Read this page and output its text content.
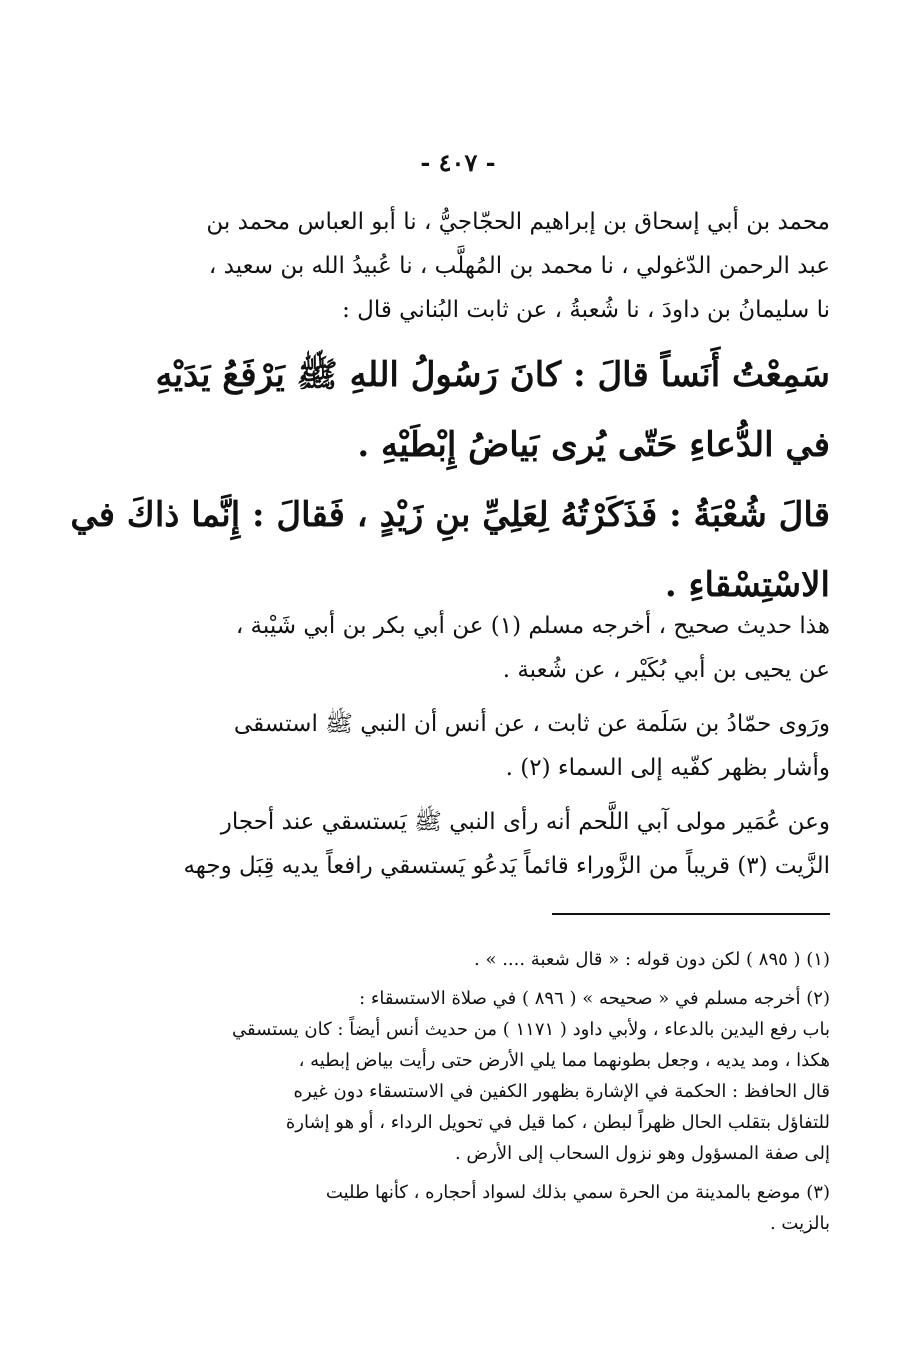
- ٤٠٧ -
محمد بن أبي إسحاق بن إبراهيم الحجّاجيُّ ، نا أبو العباس محمد بن
عبد الرحمن الدّغولي ، نا محمد بن المُهلَّب ، نا عُبيدُ الله بن سعيد ،
نا سليمانُ بن داودَ ، نا شُعبةُ ، عن ثابت البُناني قال :
سَمِعْتُ أَنَساً قالَ : كانَ رَسُولُ اللهِ ﷺ يَرْفَعُ يَدَيْهِ
في الدُّعاءِ حَتّى يُرى بَياضُ إِبْطَيْهِ .
قالَ شُعْبَةُ : فَذَكَرْتُهُ لِعَلِيِّ بنِ زَيْدٍ ، فَقالَ : إِنَّما ذاكَ في
الاسْتِسْقاءِ .
هذا حديث صحيح ، أخرجه مسلم (١) عن أبي بكر بن أبي شَيْبة ،
عن يحيى بن أبي بُكَيْر ، عن شُعبة .
ورَوى حمّادُ بن سَلَمة عن ثابت ، عن أنس أن النبي ﷺ استسقى
وأشار بظهر كفّيه إلى السماء (٢) .
وعن عُمَير مولى آبي اللَّحم أنه رأى النبي ﷺ يَستسقي عند أحجار
الزَّيت (٣) قريباً من الزَّوراء قائماً يَدعُو يَستسقي رافعاً يديه قِبَل وجهه
(١) ( ٨٩٥ ) لكن دون قوله : « قال شعبة .... » .
(٢) أخرجه مسلم في « صحيحه » ( ٨٩٦ ) في صلاة الاستسقاء :
باب رفع اليدين بالدعاء ، ولأبي داود ( ١١٧١ ) من حديث أنس أيضاً : كان يستسقي
هكذا ، ومد يديه ، وجعل بطونهما مما يلي الأرض حتى رأيت بياض إبطيه ،
قال الحافظ : الحكمة في الإشارة بظهور الكفين في الاستسقاء دون غيره
للتفاؤل بتقلب الحال ظهراً لبطن ، كما قيل في تحويل الرداء ، أو هو إشارة
إلى صفة المسؤول وهو نزول السحاب إلى الأرض .
(٣) موضع بالمدينة من الحرة سمي بذلك لسواد أحجاره ، كأنها طليت
بالزيت .
